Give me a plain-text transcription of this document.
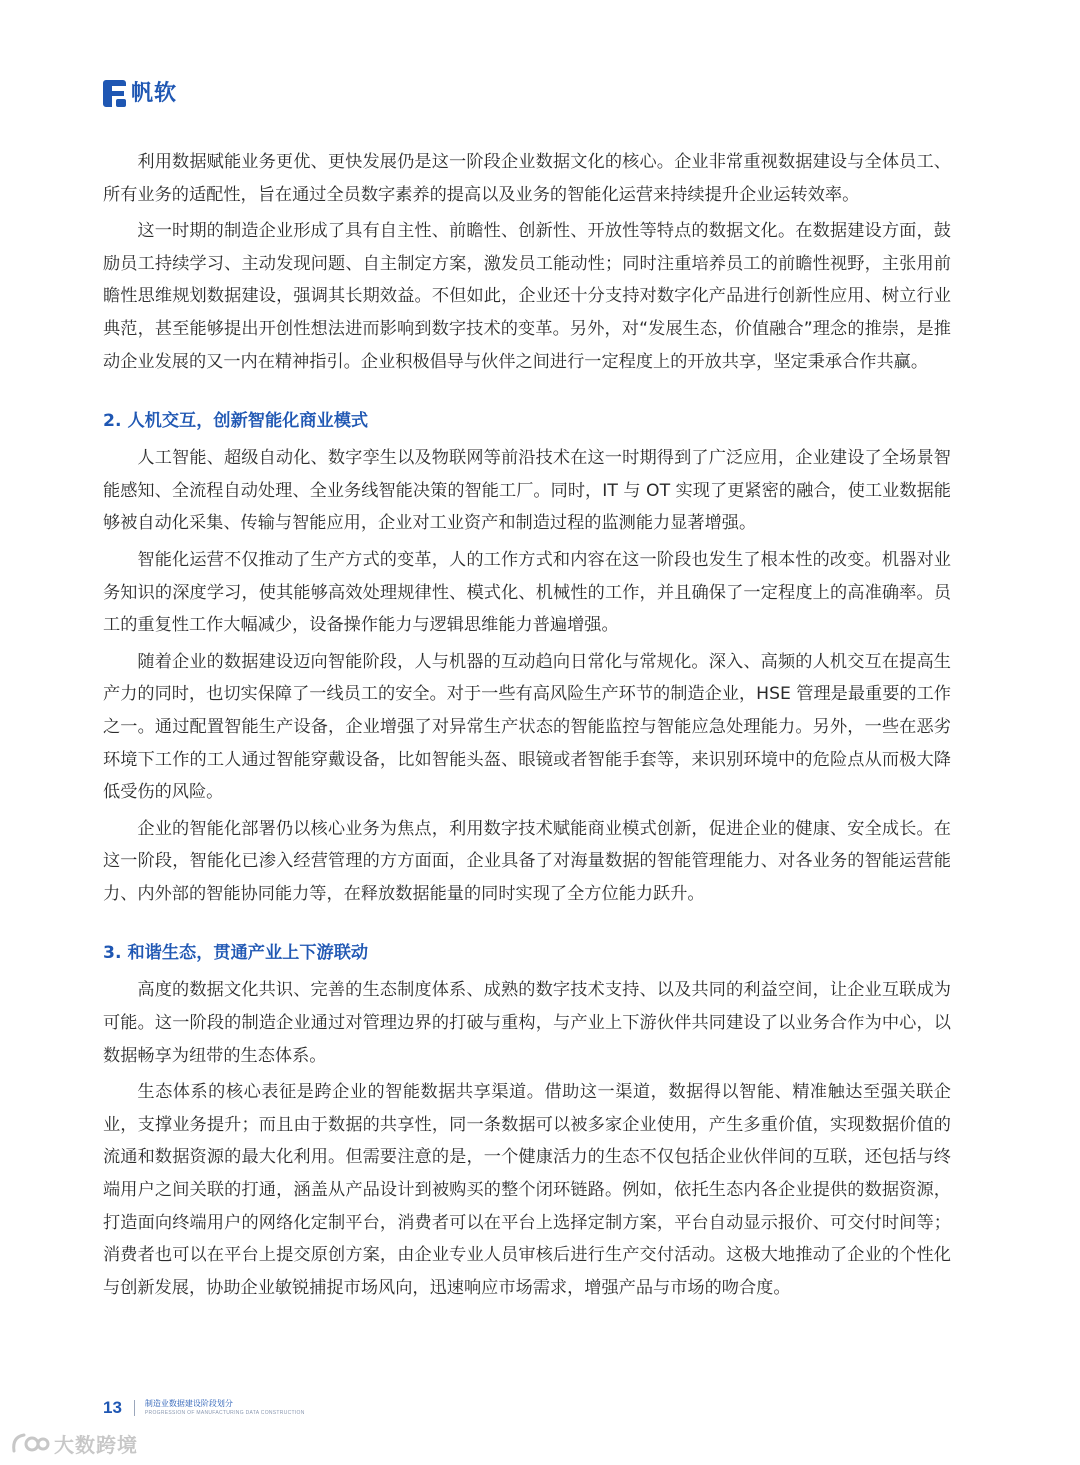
帆软

利用数据赋能业务更优、更快发展仍是这一阶段企业数据文化的核心。企业非常重视数据建设与全体员工、所有业务的适配性，旨在通过全员数字素养的提高以及业务的智能化运营来持续提升企业运转效率。

这一时期的制造企业形成了具有自主性、前瞻性、创新性、开放性等特点的数据文化。在数据建设方面，鼓励员工持续学习、主动发现问题、自主制定方案，激发员工能动性；同时注重培养员工的前瞻性视野，主张用前瞻性思维规划数据建设，强调其长期效益。不但如此，企业还十分支持对数字化产品进行创新性应用、树立行业典范，甚至能够提出开创性想法进而影响到数字技术的变革。另外，对“发展生态，价值融合”理念的推崇，是推动企业发展的又一内在精神指引。企业积极倡导与伙伴之间进行一定程度上的开放共享，坚定秉承合作共赢。

2. 人机交互，创新智能化商业模式

人工智能、超级自动化、数字孪生以及物联网等前沿技术在这一时期得到了广泛应用，企业建设了全场景智能感知、全流程自动处理、全业务线智能决策的智能工厂。同时，IT 与 OT 实现了更紧密的融合，使工业数据能够被自动化采集、传输与智能应用，企业对工业资产和制造过程的监测能力显著增强。

智能化运营不仅推动了生产方式的变革，人的工作方式和内容在这一阶段也发生了根本性的改变。机器对业务知识的深度学习，使其能够高效处理规律性、模式化、机械性的工作，并且确保了一定程度上的高准确率。员工的重复性工作大幅减少，设备操作能力与逻辑思维能力普遍增强。

随着企业的数据建设迈向智能阶段，人与机器的互动趋向日常化与常规化。深入、高频的人机交互在提高生产力的同时，也切实保障了一线员工的安全。对于一些有高风险生产环节的制造企业，HSE 管理是最重要的工作之一。通过配置智能生产设备，企业增强了对异常生产状态的智能监控与智能应急处理能力。另外，一些在恶劣环境下工作的工人通过智能穿戴设备，比如智能头盔、眼镜或者智能手套等，来识别环境中的危险点从而极大降低受伤的风险。

企业的智能化部署仍以核心业务为焦点，利用数字技术赋能商业模式创新，促进企业的健康、安全成长。在这一阶段，智能化已渗入经营管理的方方面面，企业具备了对海量数据的智能管理能力、对各业务的智能运营能力、内外部的智能协同能力等，在释放数据能量的同时实现了全方位能力跃升。

3. 和谐生态，贯通产业上下游联动

高度的数据文化共识、完善的生态制度体系、成熟的数字技术支持、以及共同的利益空间，让企业互联成为可能。这一阶段的制造企业通过对管理边界的打破与重构，与产业上下游伙伴共同建设了以业务合作为中心，以数据畅享为纽带的生态体系。

生态体系的核心表征是跨企业的智能数据共享渠道。借助这一渠道，数据得以智能、精准触达至强关联企业，支撑业务提升；而且由于数据的共享性，同一条数据可以被多家企业使用，产生多重价值，实现数据价值的流通和数据资源的最大化利用。但需要注意的是，一个健康活力的生态不仅包括企业伙伴间的互联，还包括与终端用户之间关联的打通，涵盖从产品设计到被购买的整个闭环链路。例如，依托生态内各企业提供的数据资源，打造面向终端用户的网络化定制平台，消费者可以在平台上选择定制方案，平台自动显示报价、可交付时间等；消费者也可以在平台上提交原创方案，由企业专业人员审核后进行生产交付活动。这极大地推动了企业的个性化与创新发展，协助企业敏锐捕捉市场风向，迅速响应市场需求，增强产品与市场的吻合度。

13	制造业数据建设阶段划分
PROGRESSION OF MANUFACTURING DATA CONSTRUCTION
大数跨境
